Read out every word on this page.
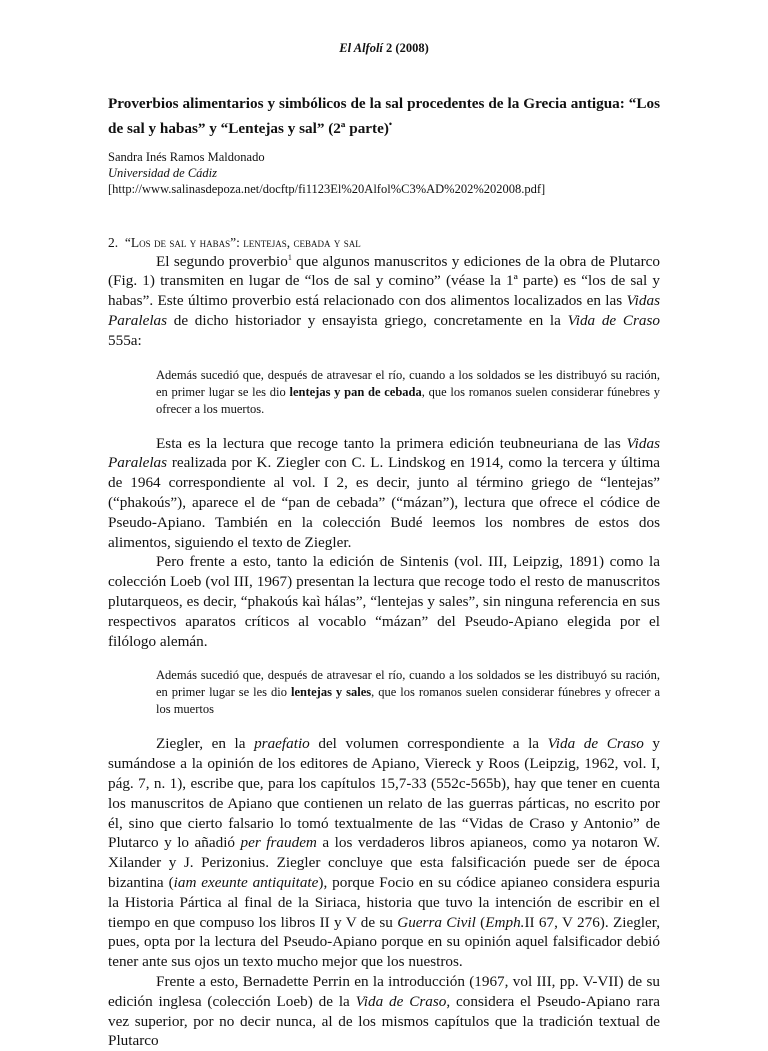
El Alfolí 2 (2008)
Proverbios alimentarios y simbólicos de la sal procedentes de la Grecia antigua: “Los de sal y habas” y “Lentejas y sal” (2ª parte)•
Sandra Inés Ramos Maldonado
Universidad de Cádiz
[http://www.salinasdepoza.net/docftp/fi1123El%20Alfol%C3%AD%202%202008.pdf]
2. “Los de sal y habas”: lentejas, cebada y sal

El segundo proverbio$^1$ que algunos manuscritos y ediciones de la obra de Plutarco (Fig. 1) transmiten en lugar de “los de sal y comino” (véase la 1ª parte) es “los de sal y habas”. Este último proverbio está relacionado con dos alimentos localizados en las Vidas Paralelas de dicho historiador y ensayista griego, concretamente en la Vida de Craso 555a:

Además sucedió que, después de atravesar el río, cuando a los soldados se les distribuyó su ración, en primer lugar se les dio lentejas y pan de cebada, que los romanos suelen considerar fúnebres y ofrecer a los muertos.

Esta es la lectura que recoge tanto la primera edición teubneuriana de las Vidas Paralelas realizada por K. Ziegler con C. L. Lindskog en 1914, como la tercera y última de 1964 correspondiente al vol. I 2, es decir, junto al término griego de “lentejas” (“phakoús”), aparece el de “pan de cebada” (“mázan”), lectura que ofrece el códice de Pseudo-Apiano. También en la colección Budé leemos los nombres de estos dos alimentos, siguiendo el texto de Ziegler.

Pero frente a esto, tanto la edición de Sintenis (vol. III, Leipzig, 1891) como la colección Loeb (vol III, 1967) presentan la lectura que recoge todo el resto de manuscritos plutarqueos, es decir, “phakoús kaì hálas”, “lentejas y sales”, sin ninguna referencia en sus respectivos aparatos críticos al vocablo “mázan” del Pseudo-Apiano elegida por el filólogo alemán.

Además sucedió que, después de atravesar el río, cuando a los soldados se les distribuyó su ración, en primer lugar se les dio lentejas y sales, que los romanos suelen considerar fúnebres y ofrecer a los muertos

Ziegler, en la praefatio del volumen correspondiente a la Vida de Craso y sumándose a la opinión de los editores de Apiano, Viereck y Roos (Leipzig, 1962, vol. I, pág. 7, n. 1), escribe que, para los capítulos 15,7-33 (552c-565b), hay que tener en cuenta los manuscritos de Apiano que contienen un relato de las guerras párticas, no escrito por él, sino que cierto falsario lo tomó textualmente de las “Vidas de Craso y Antonio” de Plutarco y lo añadió per fraudem a los verdaderos libros apianeos, como ya notaron W. Xilander y J. Perizonius. Ziegler concluye que esta falsificación puede ser de época bizantina (iam exeunte antiquitate), porque Focio en su códice apianeo considera espuria la Historia Pártica al final de la Siriaca, historia que tuvo la intención de escribir en el tiempo en que compuso los libros II y V de su Guerra Civil (Emph.II 67, V 276). Ziegler, pues, opta por la lectura del Pseudo-Apiano porque en su opinión aquel falsificador debió tener ante sus ojos un texto mucho mejor que los nuestros.

Frente a esto, Bernadette Perrin en la introducción (1967, vol III, pp. V-VII) de su edición inglesa (colección Loeb) de la Vida de Craso, considera el Pseudo-Apiano rara vez superior, por no decir nunca, al de los mismos capítulos que la tradición textual de Plutarco
